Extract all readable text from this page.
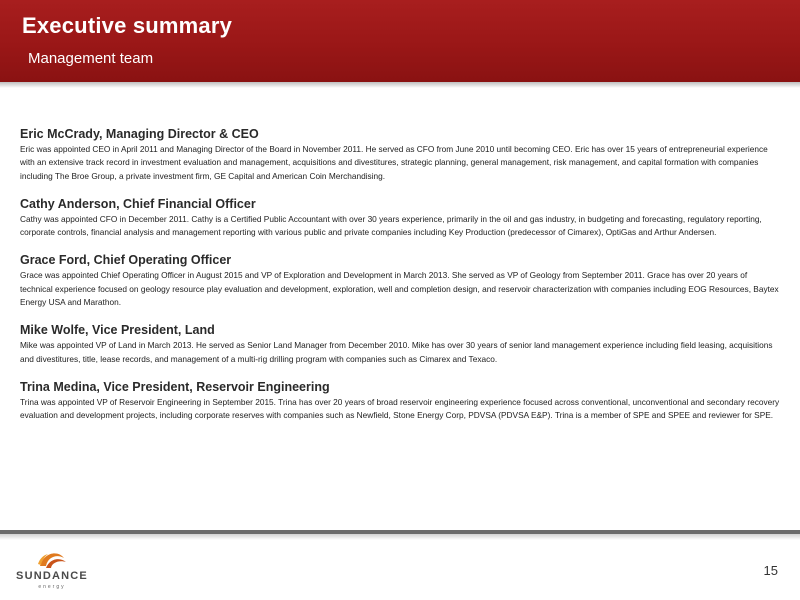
Executive summary
Management team
Eric McCrady, Managing Director & CEO
Eric was appointed CEO in April 2011 and Managing Director of the Board in November 2011. He served as CFO from June 2010 until becoming CEO. Eric has over 15 years of entrepreneurial experience with an extensive track record in investment evaluation and management, acquisitions and divestitures, strategic planning, general management, risk management, and capital formation with companies including The Broe Group, a private investment firm, GE Capital and American Coin Merchandising.
Cathy Anderson, Chief Financial Officer
Cathy was appointed CFO in December 2011. Cathy is a Certified Public Accountant with over 30 years experience, primarily in the oil and gas industry, in budgeting and forecasting, regulatory reporting, corporate controls, financial analysis and management reporting with various public and private companies including Key Production (predecessor of Cimarex), OptiGas and Arthur Andersen.
Grace Ford, Chief Operating Officer
Grace was appointed Chief Operating Officer in August 2015 and VP of Exploration and Development in March 2013. She served as VP of Geology from September 2011. Grace has over 20 years of technical experience focused on geology resource play evaluation and development, exploration, well and completion design, and reservoir characterization with companies including EOG Resources, Baytex Energy USA and Marathon.
Mike Wolfe, Vice President, Land
Mike was appointed VP of Land in March 2013. He served as Senior Land Manager from December 2010. Mike has over 30 years of senior land management experience including field leasing, acquisitions and divestitures, title, lease records, and management of a multi-rig drilling program with companies such as Cimarex and Texaco.
Trina Medina, Vice President, Reservoir Engineering
Trina was appointed VP of Reservoir Engineering in September 2015. Trina has over 20 years of broad reservoir engineering experience focused across conventional, unconventional and secondary recovery evaluation and development projects, including corporate reserves with companies such as Newfield, Stone Energy Corp, PDVSA (PDVSA E&P). Trina is a member of SPE and SPEE and reviewer for SPE.
SUNDANCE
energy
15
